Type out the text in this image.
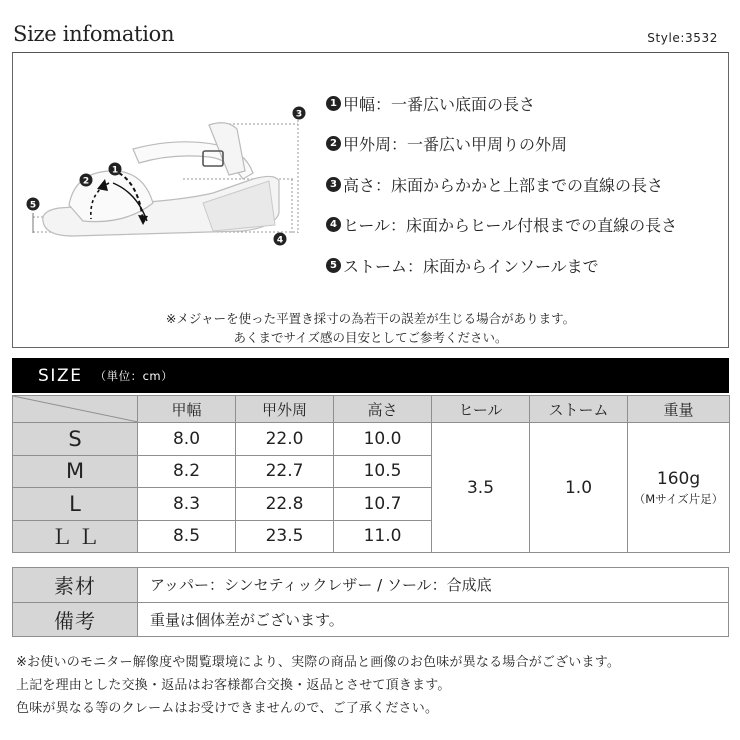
Size infomation	Style:3532
1
2
3
4
5
1 甲幅：一番広い底面の長さ
2 甲外周：一番広い甲周りの外周
3 高さ：床面からかかと上部までの直線の長さ
4 ヒール：床面からヒール付根までの直線の長さ
5 ストーム：床面からインソールまで
※メジャーを使った平置き採寸の為若干の誤差が生じる場合があります。
あくまでサイズ感の目安としてご参考ください。
SIZE （単位：cm）
	甲幅	甲外周	高さ	ヒール	ストーム	重量
S	8.0	22.0	10.0	3.5	1.0	160g
（Mサイズ片足）

M	8.2	22.7	10.5			
L	8.3	22.8	10.7			
ＬＬ	8.5	23.5	11.0			
素材	アッパー：シンセティックレザー / ソール：合成底
備考	重量は個体差がございます。
※お使いのモニター解像度や閲覧環境により、実際の商品と画像のお色味が異なる場合がございます。
上記を理由とした交換・返品はお客様都合交換・返品とさせて頂きます。
色味が異なる等のクレームはお受けできませんので、ご了承ください。
